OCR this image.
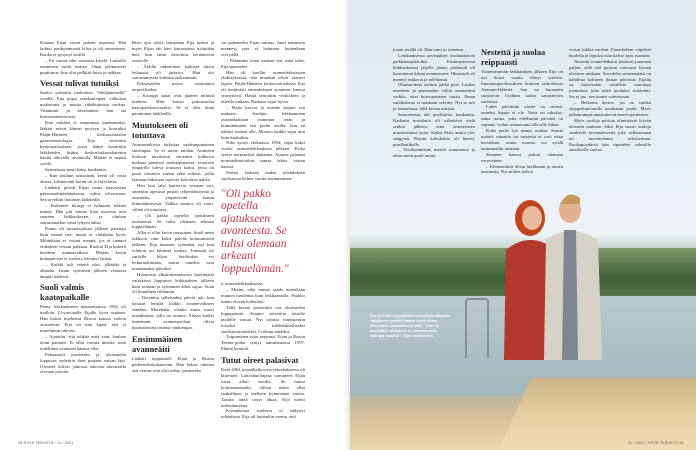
Kotona Eijan vointi paheni nopeasti. Hän laihtui parikymmentä kiloa ja oli aneeminen. Ruoka ei pysynyt sisällä.

– En voinut edes saunassa käydä. Laatoilla istuminen tuotti tuskaa. Omat pehmusteet puuttuivat, kun olin pelkkää luuta ja nahkaa.

Vessat tulivat tutuiksi

Suolta yritettiin rauhoittaa "vähäjätteisellä" ravalla. Eija popsi ranskanleipää, valkoista makaronia ja muuta vähäkuituista ruokaa. Vitamiinit ja hivenaineet hän sai lisäravinnetetroista.

Kun mikään ei muuttunut paremmaksi, lääkäri noteri käteen pystyyn ja konsultoi Päijät-Hämeen keskussairaalan gastroenterologia. Eija siirrettiin keskussairaalaan, jossa häntä hoidettiin lääkkeiden lisäksi keskuslaskimokatetrin kautta tulevalla ravinnolla. Mitään ei saanut syödä.

Sairaalassa meni kaksi kuukautta.

– Kun jouduin sairaalaan, kevät oli vasta alussa. Lähtiessäni kotiin oli jo täysi kesä.

Lääkärit pitivät Eijan tautia haavaisena paksusuolitulehduksena, colitis ulcerosana. Sen arveltiin hoituvan lääkkeillä.

– Kokeneet kirurgi ei halunnut leikata minua. Hän piti minua liian nuorena niin suureen leikkaukseen, ja olinhan sairastanutkin vasta lyhyen aikaa.

Kunto oli sairaalajakson jälkeen parempi kuin ennen sitä, mutta ei vieläkään hyvä. Mihinkään ei voinut mennä, jos ei tiennyt etukäteen vessan paikkaa. Ruokia Eija kokeili itselleen mannavellistä. Mitään kovin kuitupitoista ei suolisto kärsinyt laittaa.

– Kaikki tuli vetenä ulos, ylhäältä ja alhaalta. Istuin syömisen jälkeen vessassa ämpäri kädessä.

Suoli valmis kaatopaikalle

Pääsy leikkaukseen marraskuussa 1992 oli tuolloin 23-vuotiaalle Eijalle hyvä uutinen. Hän katsoi miehensä Riston kanssa videon avanteesta. Eija oli niin kipeä, että ei murehtinut tulevaa.

– Ajattelin, että tehkää mitä vain, kunhan oloni paranee. Ei ollut voimia miettiä, mitä todellinen avanteen kanssa olisi.

Paksusuoli poistettiin ja ohutsuolen loppuosa vedettiin ihon pintaan vatsan läpi. Ulosteet tulivat jatkossa aukosta alavatsalla olevaan pussiin.

Risto ajoi töistä sairaalaan Eija tuekoi ja myös Eijan äiti kävi katsomassa tyttärtään heti, kun tämä siirrettiin heräämöstä osastolle.

– Äidille näkeminen kaikissa niissä letkuissa oli järkytys. Hän otti sairastumiseni kaikista raskaimmin.

Paksusuolen poisto osoittautui tarpeelliseksi:

– Kirurgin sanat ovat jääneet mimuli mieleen. Hän kutsui paksusuolta kaatopaikkatavaraksi. Se ei olisi ikinä parantunut lääkkeillä.

Muutokseen oli totuttava

Avanneaukosta tarkistaa vaaleanpunainen suolenpää. Se ei tunne mitään. Avanteen hoitoon tarvittavat varusteet kulkevat makana pienessä meikkipussissa: avanteen ympärille tuleva joustava laatta, jossa on pussi ulostetta varten sekä suikeet, joilla laattaan leikataan sopivan kokoinen aukko.

Heti kun jalat kantoivat vessaan asti, annettiin opetusta pussin tyhjentämisestä ja avannetta ympäröivän laatan kiinnittämisestä. Valkka maatos oli suuri, siihen oli totuttava.

– Oli pakko opetella ajatukseen avanteesta. Se tulisi olemaan arkeani loppuelämän.

Alku ei ollut kovin ruusuinen. Suoli meni tukkoon vain kaksi päivää kotiutumisen jälkeen. Eija innostui syömään, nyt kun vihdoin sai kiinteää ruokaa. Tomaatti oli suolelle liikaa. Suolitukos vei letkuruokintaan, mutta onneksi vain muutamaksi päiväksi.

Huonoista alkukokemuksista huolimatta vatsakivut loppuivat leikkauksen jälkeen kuin seinään ja syöminen alkoi sujua. Siinä oli ilonaiheta riittämiin.

– Tietenkin sellaisiakin päiviä tuli, kun halusin heittää kaikki avannevälineet seinään. Murehdin, olenko ainoa nuori maailmassa, jolla on avanne. Alussa kaikki tuntemani avannepotilaat olivat huomattavasti minua vanhempia.

Ensimmäinen avanneäiti

Lääkäri toppuutteli Eijan ja Riston perheenlisäyshaaveita. Hän halusi odottaa sen verran, että olisi nähty, paraneeko

vai paheneeko Eijan sairaus. Juuri naimisiin menneyt pari ei halunnut kuitenkaan viivytellä.

– Päätimme ottaa vastaan sen, mitä tulee, Eija muistelee.

Hän oli kuullut avanneleikattujen yhdistyksessä, että muutkin olivat saaneet lapsia. Päijät-Hämeen keskussairaalassa Eija oli tiettävästi ensimmäinen avanteen kanssa synnyttävä. Häntä seurattiin verikokein ja ultralla tiuhaan. Raskaus sujui hyvin.

– Maha kasvoi ja avanne laajeni sen mukana. Jouduin leikkaamaan avannelaattaan isomman reiän ja kiinnittämään sen perlin avulla, kun en nähnyt mahan alle. Muuten kaikki sujui niin kuin kuuluikin.

Niko syntyi elokuussa 1994, vajaa kaksi vuotta avanneleikkauksen jälkeen. Poika syntyi normaalisti alakautta. Avanne palautui normaalimittoihin samaa tahtia vatsan kanssa.

Stressi laukaisi uuden tulehduksen suolistossa kolme vuotta ensimmäisen-

"Oli pakko opetella ajatukseen avanteesta. Se tulisi olemaan arkeani loppuelämän."

ti avanneleikkauksesta.

– Mietin, eikö minua saada mitenkään muuten hoidettua kuin leikkaamalla. Paukko tuntui olevan kohtaloni.

Tällä kertaa poistettiin osa ohutsuolen loppupäästä. Avanne siirrettiin toiselle puolelle vatsaa. Nyt sairaus tunnistettiin toiseksi tulehdukselliseksi suolistosairaudeksi, Crohnin taudiksi.

Toipuminen sujui nopeasti. Eijan ja Riston Teemu-poika syntyi tammikuussa 1997. Elämä hymyili.

Tutut oireet palasivat

Kesä 2004 työpaikalla terveyskeskuksessa oli kiireinen. Laitoshuoltajana toimineen Eijan vatsa alkoi oireilla. Se tuntui kolmaantomalta, olihan maha ollut rauhallinen jo melkein kymmenen vuotta. Taasko tämä souvi alkaa, Eija mietti turhautuneena.

Kuvauksissa suolessa ei näkynyt tulehdusta. Eija oli kuitenkin varma, että

38 HYVÄ TERVEYS / 11 / 2021

jotain sisällä oli. Hän tunsi jo oireensa.

Leikkauksessa aavistukset osoittautuivat paikkansapitäviksi. Ensimmäisessä leikkauksessa jäljelle jäänyt peräsuoli oli kuroutunut kiinni avanteeseen. Ohutsuoli oli mennyt tukkoon ja tulehtunut.

Ohutsuolesta otettiin pätkä pois. Lisäksi avanteen ja peräsuolen väliin asennettiin verkko, ettei kuroutumisen uusisi. Ilman suolitukosta ei taaskaan selvitty. Nyt se tuli jo sairaalassa, tällä kertaa nakista.

Sairaalassaa tuli puolitoista kuukautta. Raskaita nosteluita oli vältettävä vielä senkin jälkeen, ettei avanteeseen muodostunut tyrää. Aluksi Risto auttoi ylös sängystä. Päivän kohokohta oli kävely postilaatikolle.

– Viisikymmentä metriä suuntaansa ja aikaa meni puoli tuntia.

Nestettä ja suolaa reippaasti

Viimeisimmän leikkauksen jälkeen Eija on nyt kuusi vuotta elänyt oireetta. Immuunipuolustuksen hoitoon tarkoitettua Azamun-lääkettä. Sen on huomattu suojaavan Crohnin tautia sairastavien suolistoa.

Lähes päivittäin uloste on vetistä, onneksi kipuja ei ole. Vatsa on oikukas: sama ruoka, joka edellisenä päivänä on sopinut, voikin seuraavana olla sille liikaa.

Koko perhe syö samaa ruokaa. Suuria määriä salaattia tai raasteita ei sovi ottaa kerrallaan, mutta maustа voi syödä lautasmallin mukaan.

Struuten kanssa joutuu olemaan varovainen:

– Klementiinit olivat herkkuani jo ennen avannetta. Nyt niiden kalvot

voivat tukkia suoleni. Parenkeleen viipaleet huolella ja lopuksi otan kalvot pois suustani.

Nestettä avanneleikatut joutuvat juomaan paljon, sillä sitä poistuu runsaasti löysän ulosteen mukana. Suositeltu nesteemäärä on kahdesta kolmeen litraan päivässä. Eijalla on käytössään tavallista suurempi juomalasi, jotta tulee juoduksi riittävästi. Jos ei juo, sen tuntee voimissaan.

– Heikotus kertoo, jos on vaikka shoppailureissulla unohtanut juoda. Myös jalkakrampit muistuttavat nestevajauksesta.

Myös suoloja poistuu elimistöstä löysän ulosteen mukana. Siksi Eija suosii suoloja sisältäviä kivennäisvettä joko sellaisenaan tai tuoremehuun sekoitettuna. Ruokapöydässä hän ripottelee valmiille annokselle suolaa.

Eija ja Risto Kyynäräisen ikkunasta näkyvän Vallijärven ympäri menee hyvä viiden kilometrin sauvakävelylenkki. "Kun on puolisällin uhittanut, ei kannata enää kääntyä takaisin", Eija nauraskelee.
11 / 2021 / HYVÄ TERVEYS 39
